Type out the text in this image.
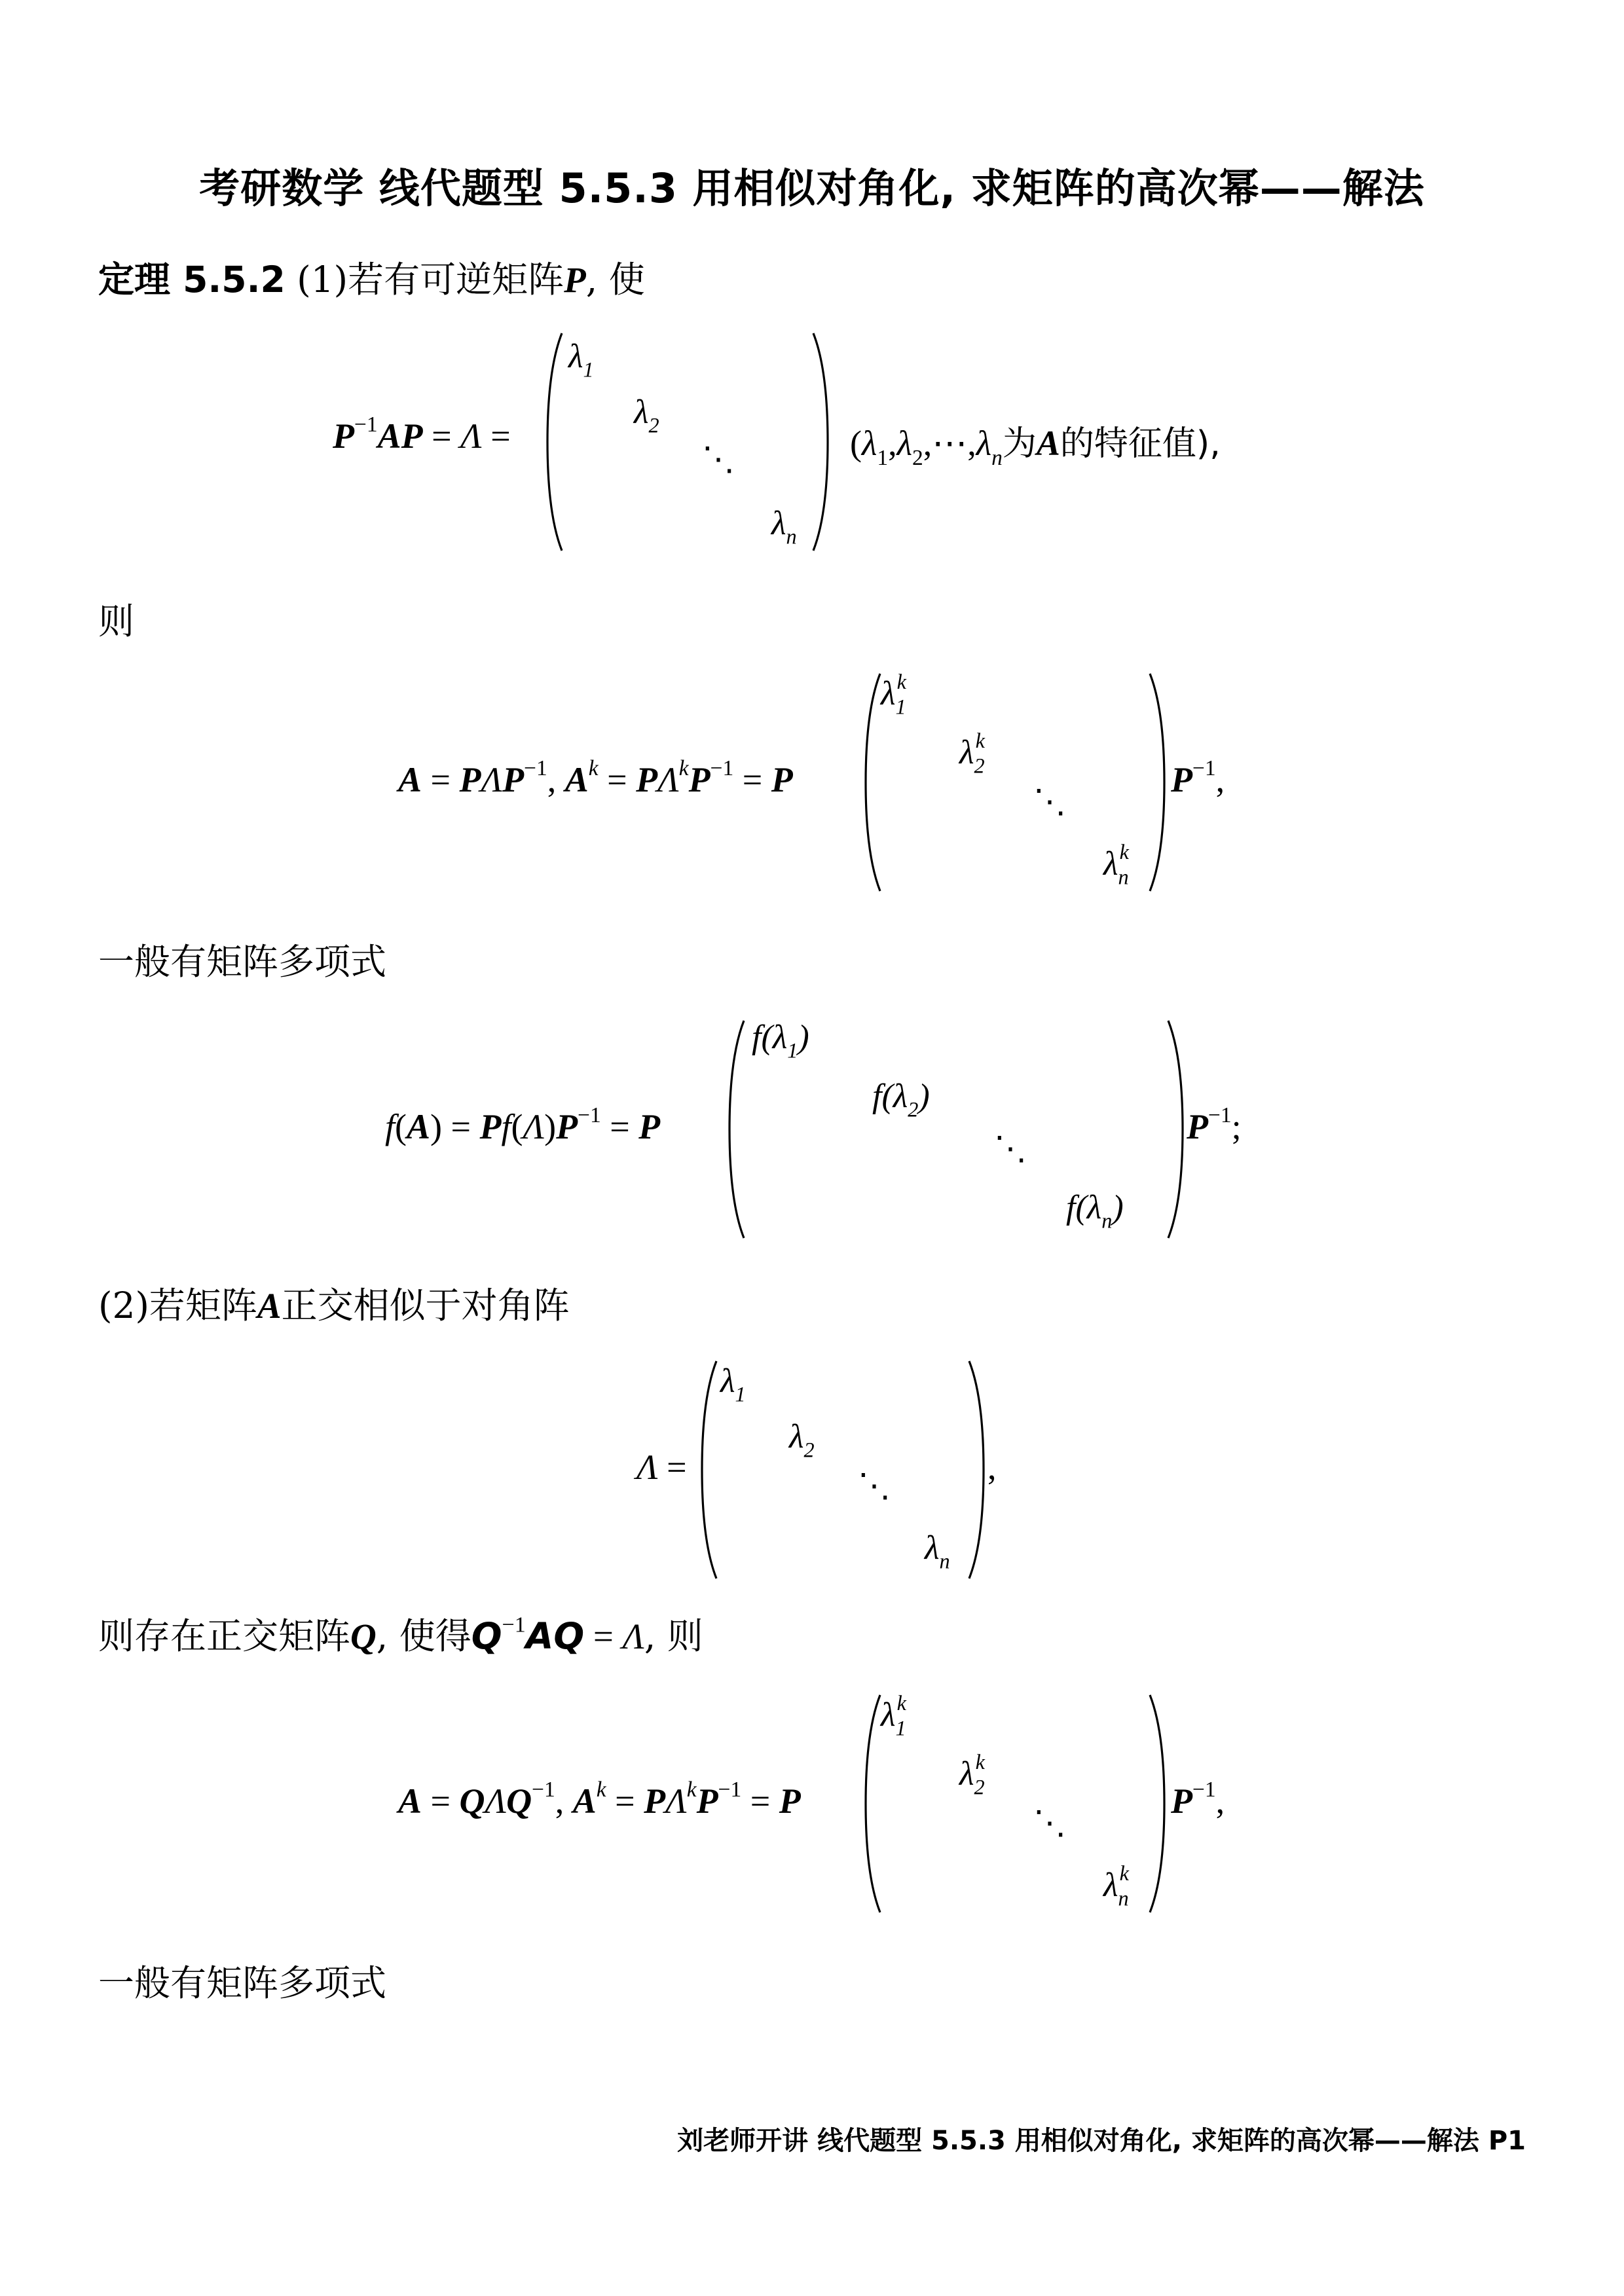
考研数学 线代题型 5.5.3 用相似对角化, 求矩阵的高次幂——解法
定理 5.5.2 (1)若有可逆矩阵P, 使
$P^{-1}AP = \Lambda$ =
$\lambda_1$
$\lambda_2$
⋱
$\lambda_n$
($\lambda_1,\lambda_2,\cdots,\lambda_n$为A的特征值),
则
$A = P\Lambda P^{-1}$, $A^k = P\Lambda^kP^{-1} = P$
$\lambda_1^k$
$\lambda_2^k$
⋱
$\lambda_n^k$
$P^{-1}$,
一般有矩阵多项式
$f(A) = Pf(\Lambda)P^{-1} = P$
$f(\lambda_1)$
$f(\lambda_2)$
⋱
$f(\lambda_n)$
$P^{-1}$;
(2)若矩阵A正交相似于对角阵
Λ =
$\lambda_1$
$\lambda_2$
⋱
$\lambda_n$
,
则存在正交矩阵Q, 使得$Q^{-1}AQ = \Lambda$, 则
$A = Q\Lambda Q^{-1}$, $A^k = P\Lambda^kP^{-1} = P$
$\lambda_1^k$
$\lambda_2^k$
⋱
$\lambda_n^k$
$P^{-1}$,
一般有矩阵多项式
刘老师开讲 线代题型 5.5.3 用相似对角化, 求矩阵的高次幂——解法 P1
